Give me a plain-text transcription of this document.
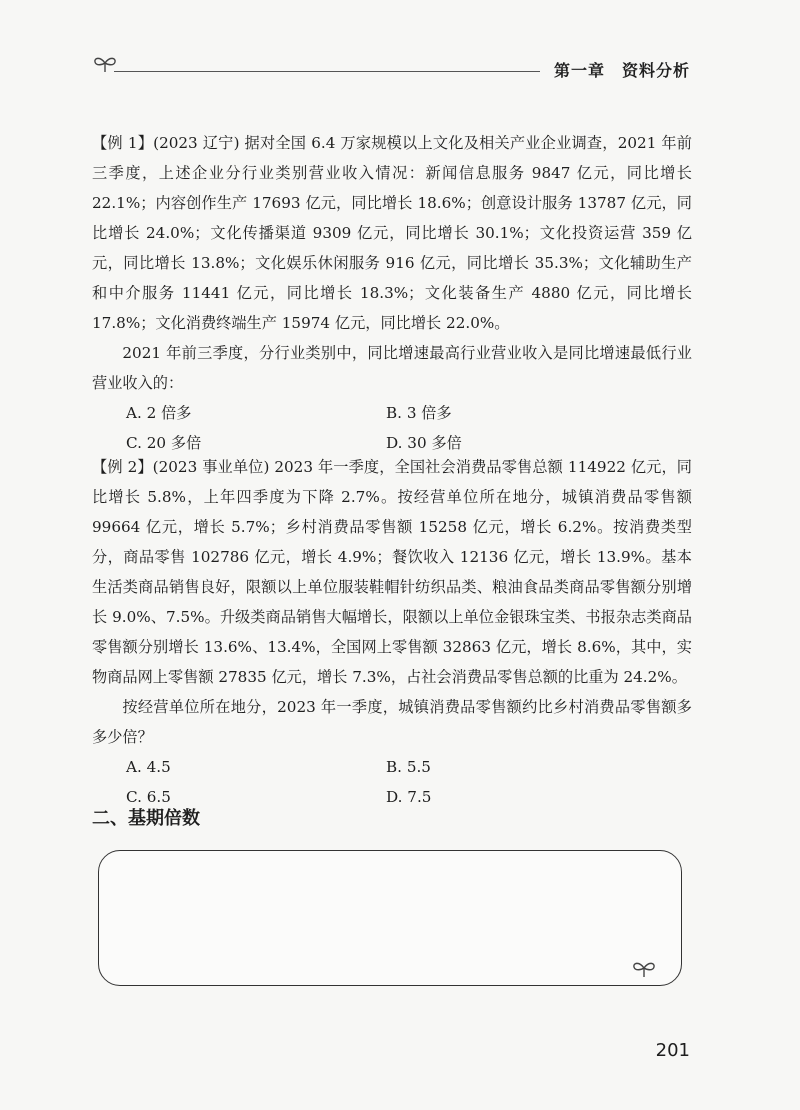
第一章　资料分析

【例 1】(2023 辽宁) 据对全国 6.4 万家规模以上文化及相关产业企业调查，2021 年前三季度，上述企业分行业类别营业收入情况：新闻信息服务 9847 亿元，同比增长 22.1%；内容创作生产 17693 亿元，同比增长 18.6%；创意设计服务 13787 亿元，同比增长 24.0%；文化传播渠道 9309 亿元，同比增长 30.1%；文化投资运营 359 亿元，同比增长 13.8%；文化娱乐休闲服务 916 亿元，同比增长 35.3%；文化辅助生产和中介服务 11441 亿元，同比增长 18.3%；文化装备生产 4880 亿元，同比增长 17.8%；文化消费终端生产 15974 亿元，同比增长 22.0%。

2021 年前三季度，分行业类别中，同比增速最高行业营业收入是同比增速最低行业营业收入的：

A. 2 倍多	B. 3 倍多
C. 20 多倍	D. 30 多倍

【例 2】(2023 事业单位) 2023 年一季度，全国社会消费品零售总额 114922 亿元，同比增长 5.8%，上年四季度为下降 2.7%。按经营单位所在地分，城镇消费品零售额 99664 亿元，增长 5.7%；乡村消费品零售额 15258 亿元，增长 6.2%。按消费类型分，商品零售 102786 亿元，增长 4.9%；餐饮收入 12136 亿元，增长 13.9%。基本生活类商品销售良好，限额以上单位服装鞋帽针纺织品类、粮油食品类商品零售额分别增长 9.0%、7.5%。升级类商品销售大幅增长，限额以上单位金银珠宝类、书报杂志类商品零售额分别增长 13.6%、13.4%，全国网上零售额 32863 亿元，增长 8.6%，其中，实物商品网上零售额 27835 亿元，增长 7.3%，占社会消费品零售总额的比重为 24.2%。

按经营单位所在地分，2023 年一季度，城镇消费品零售额约比乡村消费品零售额多多少倍？

A. 4.5	B. 5.5
C. 6.5	D. 7.5
二、基期倍数
201
